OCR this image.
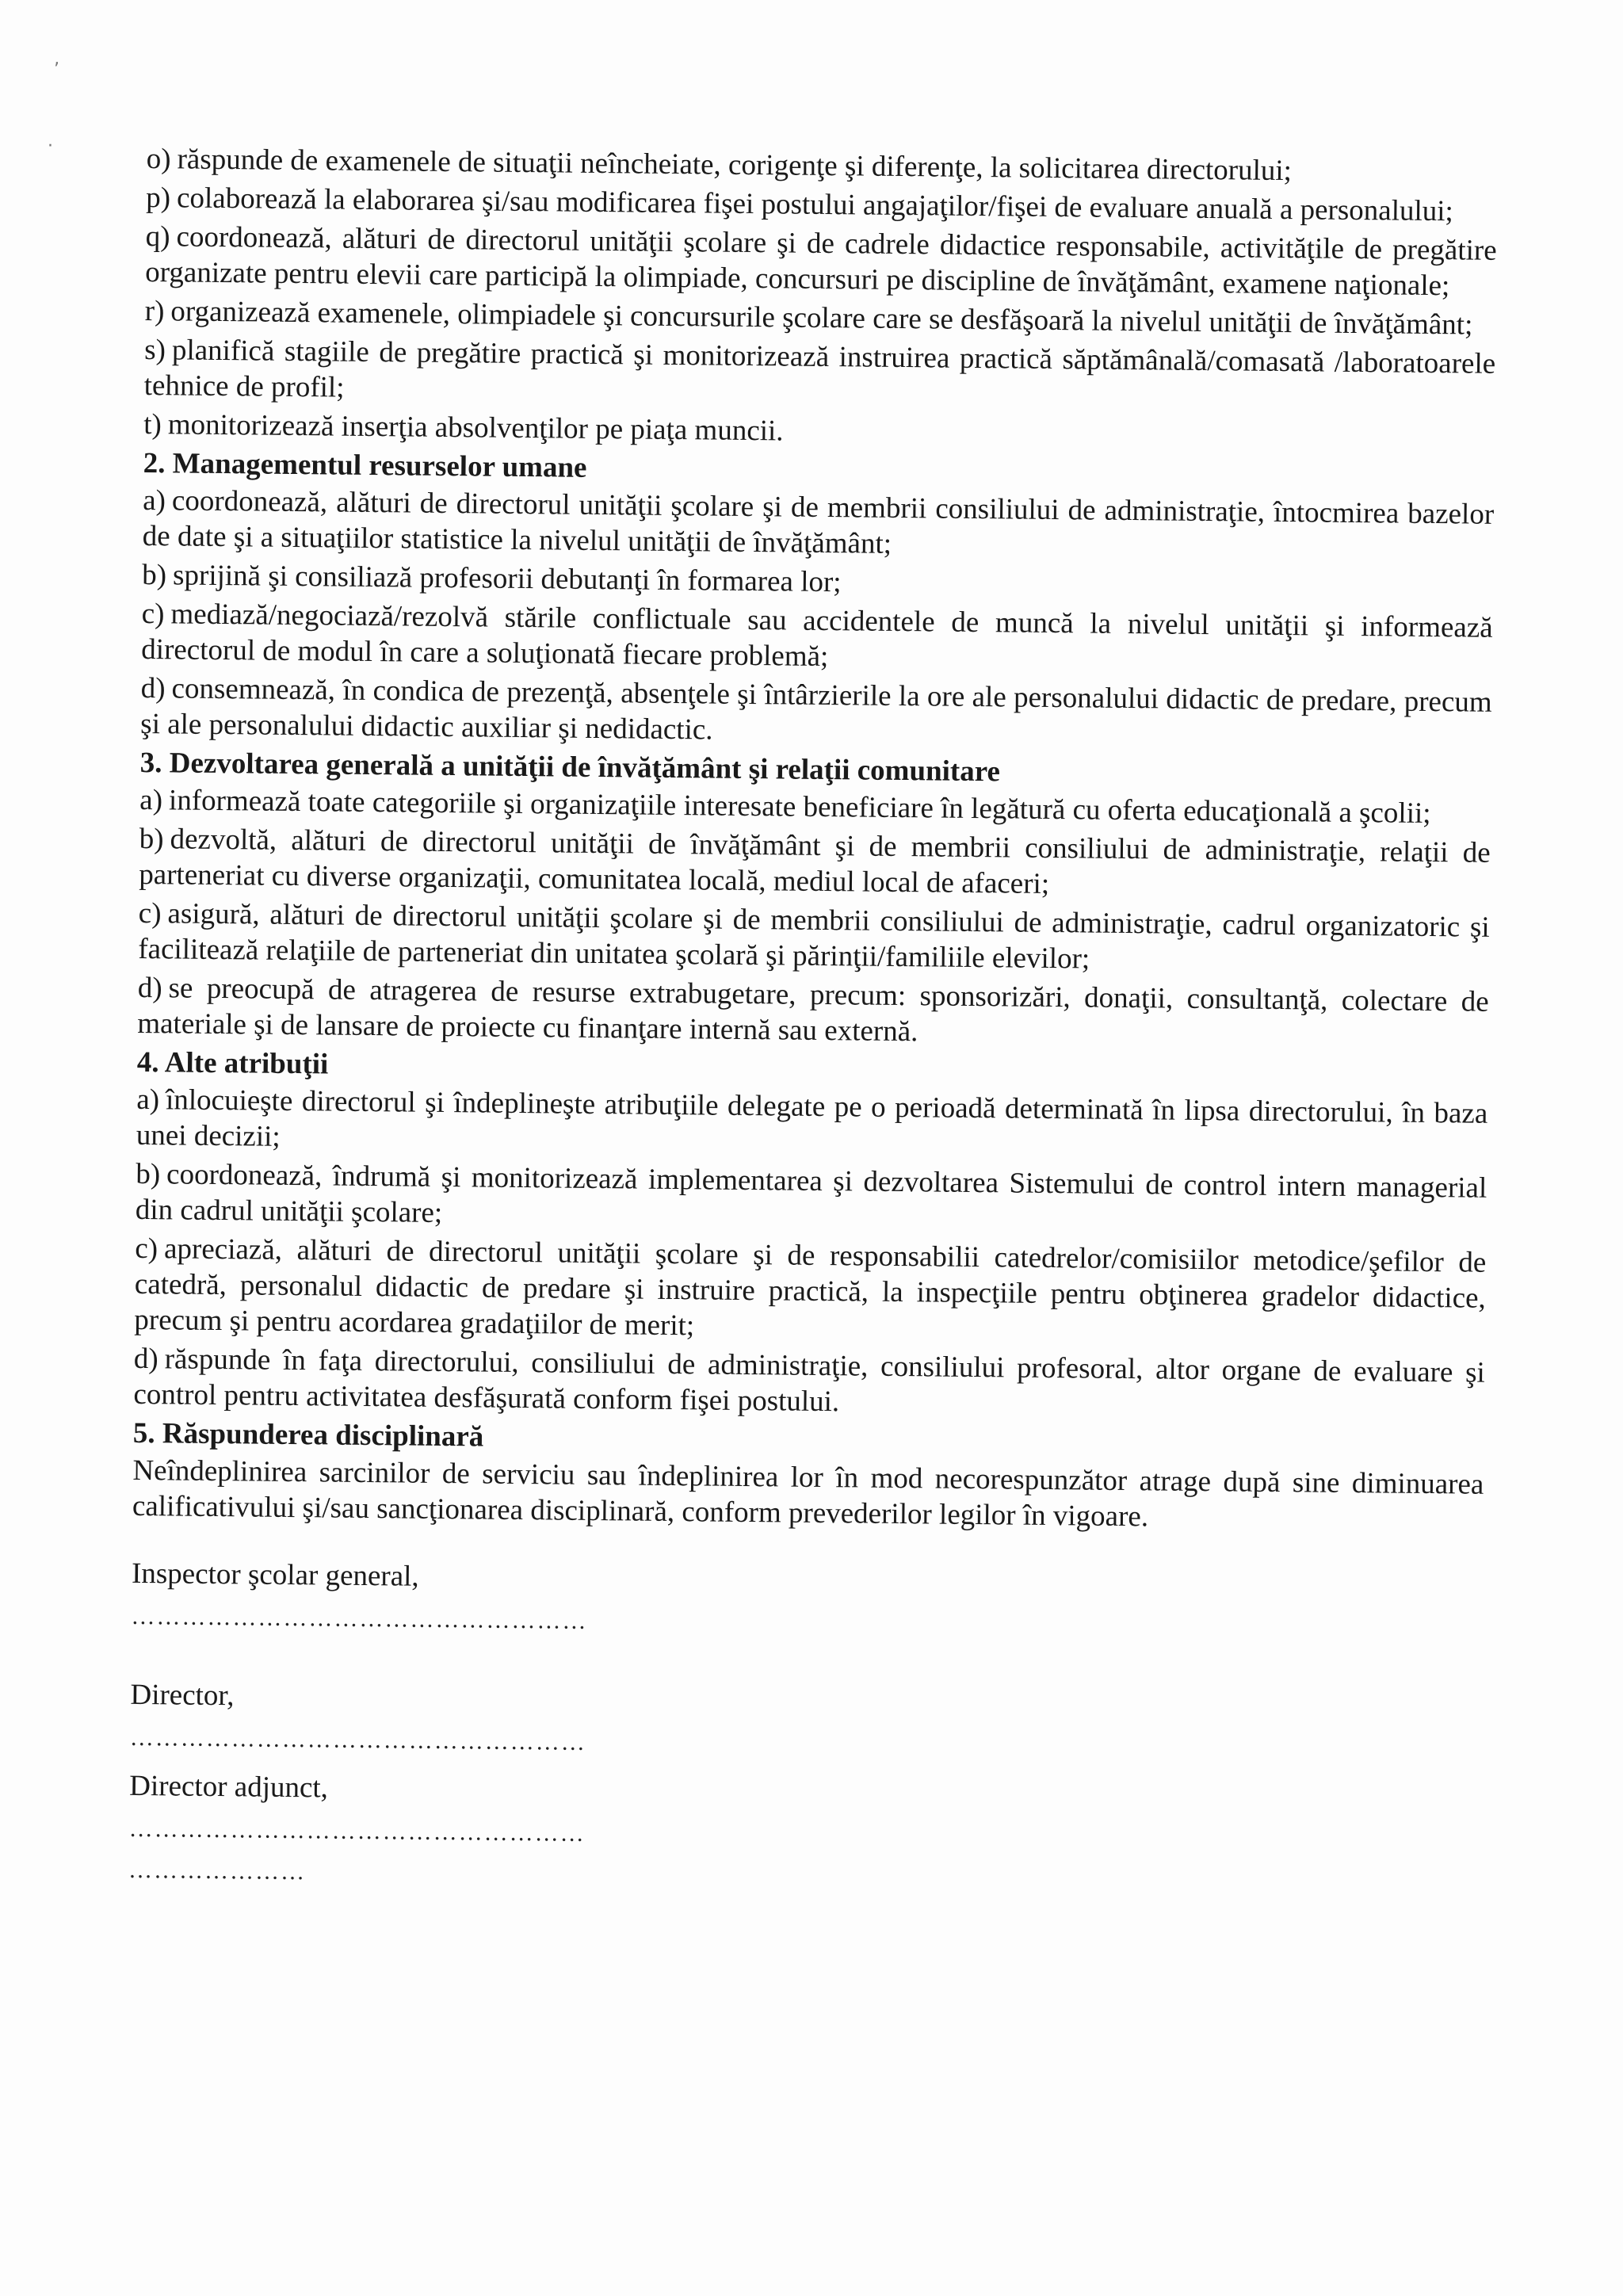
‚
·	o) răspunde de examenele de situaţii neîncheiate, corigenţe şi diferenţe, la solicitarea directorului;

p) colaborează la elaborarea şi/sau modificarea fişei postului angajaţilor/fişei de evaluare anuală a personalului;

q) coordonează, alături de directorul unităţii şcolare şi de cadrele didactice responsabile, activităţile de pregătire organizate pentru elevii care participă la olimpiade, concursuri pe discipline de învăţământ, examene naţionale;

r) organizează examenele, olimpiadele şi concursurile şcolare care se desfăşoară la nivelul unităţii de învăţământ;

s) planifică stagiile de pregătire practică şi monitorizează instruirea practică săptămânală/comasată /laboratoarele tehnice de profil;

t) monitorizează inserţia absolvenţilor pe piaţa muncii.

2. Managementul resurselor umane

a) coordonează, alături de directorul unităţii şcolare şi de membrii consiliului de administraţie, întocmirea bazelor de date şi a situaţiilor statistice la nivelul unităţii de învăţământ;

b) sprijină şi consiliază profesorii debutanţi în formarea lor;

c) mediază/negociază/rezolvă stările conflictuale sau accidentele de muncă la nivelul unităţii şi informează directorul de modul în care a soluţionată fiecare problemă;

d) consemnează, în condica de prezenţă, absenţele şi întârzierile la ore ale personalului didactic de predare, precum şi ale personalului didactic auxiliar şi nedidactic.

3. Dezvoltarea generală a unităţii de învăţământ şi relaţii comunitare

a) informează toate categoriile şi organizaţiile interesate beneficiare în legătură cu oferta educaţională a şcolii;

b) dezvoltă, alături de directorul unităţii de învăţământ şi de membrii consiliului de administraţie, relaţii de parteneriat cu diverse organizaţii, comunitatea locală, mediul local de afaceri;

c) asigură, alături de directorul unităţii şcolare şi de membrii consiliului de administraţie, cadrul organizatoric şi facilitează relaţiile de parteneriat din unitatea şcolară şi părinţii/familiile elevilor;

d) se preocupă de atragerea de resurse extrabugetare, precum: sponsorizări, donaţii, consultanţă, colectare de materiale şi de lansare de proiecte cu finanţare internă sau externă.

4. Alte atribuţii

a) înlocuieşte directorul şi îndeplineşte atribuţiile delegate pe o perioadă determinată în lipsa directorului, în baza unei decizii;

b) coordonează, îndrumă şi monitorizează implementarea şi dezvoltarea Sistemului de control intern managerial din cadrul unităţii şcolare;

c) apreciază, alături de directorul unităţii şcolare şi de responsabilii catedrelor/comisiilor metodice/şefilor de catedră, personalul didactic de predare şi instruire practică, la inspecţiile pentru obţinerea gradelor didactice, precum şi pentru acordarea gradaţiilor de merit;

d) răspunde în faţa directorului, consiliului de administraţie, consiliului profesoral, altor organe de evaluare şi control pentru activitatea desfăşurată conform fişei postului.

5. Răspunderea disciplinară

Neîndeplinirea sarcinilor de serviciu sau îndeplinirea lor în mod necorespunzător atrage după sine diminuarea calificativului şi/sau sancţionarea disciplinară, conform prevederilor legilor în vigoare.

Inspector şcolar general,

………………………………………………

Director,

………………………………………………

Director adjunct,

………………………………………………

…………………
